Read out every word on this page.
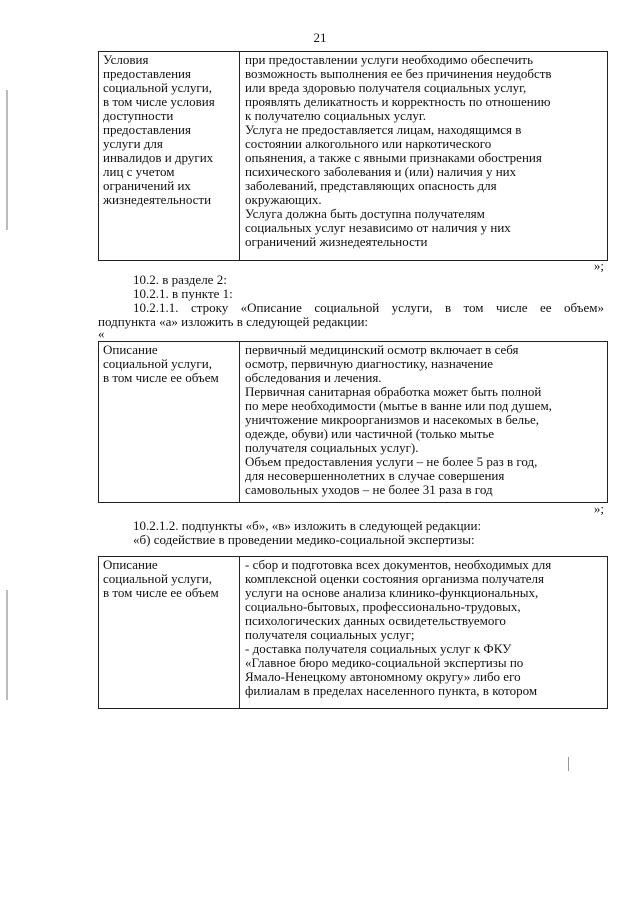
21
Условия
предоставления
социальной услуги,
в том числе условия
доступности
предоставления
услуги для
инвалидов и других
лиц с учетом
ограничений их
жизнедеятельности
при предоставлении услуги необходимо обеспечить
возможность выполнения ее без причинения неудобств
или вреда здоровью получателя социальных услуг,
проявлять деликатность и корректность по отношению
к получателю социальных услуг.
Услуга не предоставляется лицам, находящимся в
состоянии алкогольного или наркотического
опьянения, а также с явными признаками обострения
психического заболевания и (или) наличия у них
заболеваний, представляющих опасность для
окружающих.
Услуга должна быть доступна получателям
социальных услуг независимо от наличия у них
ограничений жизнедеятельности
»;
10.2. в разделе 2:
10.2.1. в пункте 1:
10.2.1.1. строку «Описание социальной услуги, в том числе ее объем»
подпункта «а» изложить в следующей редакции:
«
Описание
социальной услуги,
в том числе ее объем
первичный медицинский осмотр включает в себя
осмотр, первичную диагностику, назначение
обследования и лечения.
Первичная санитарная обработка может быть полной
по мере необходимости (мытье в ванне или под душем,
уничтожение микроорганизмов и насекомых в белье,
одежде, обуви) или частичной (только мытье
получателя социальных услуг).
Объем предоставления услуги – не более 5 раз в год,
для несовершеннолетних в случае совершения
самовольных уходов – не более 31 раза в год
»;
10.2.1.2. подпункты «б», «в» изложить в следующей редакции:
«б) содействие в проведении медико-социальной экспертизы:
Описание
социальной услуги,
в том числе ее объем
- сбор и подготовка всех документов, необходимых для
комплексной оценки состояния организма получателя
услуги на основе анализа клинико-функциональных,
социально-бытовых, профессионально-трудовых,
психологических данных освидетельствуемого
получателя социальных услуг;
- доставка получателя социальных услуг к ФКУ
«Главное бюро медико-социальной экспертизы по
Ямало-Ненецкому автономному округу» либо его
филиалам в пределах населенного пункта, в котором
